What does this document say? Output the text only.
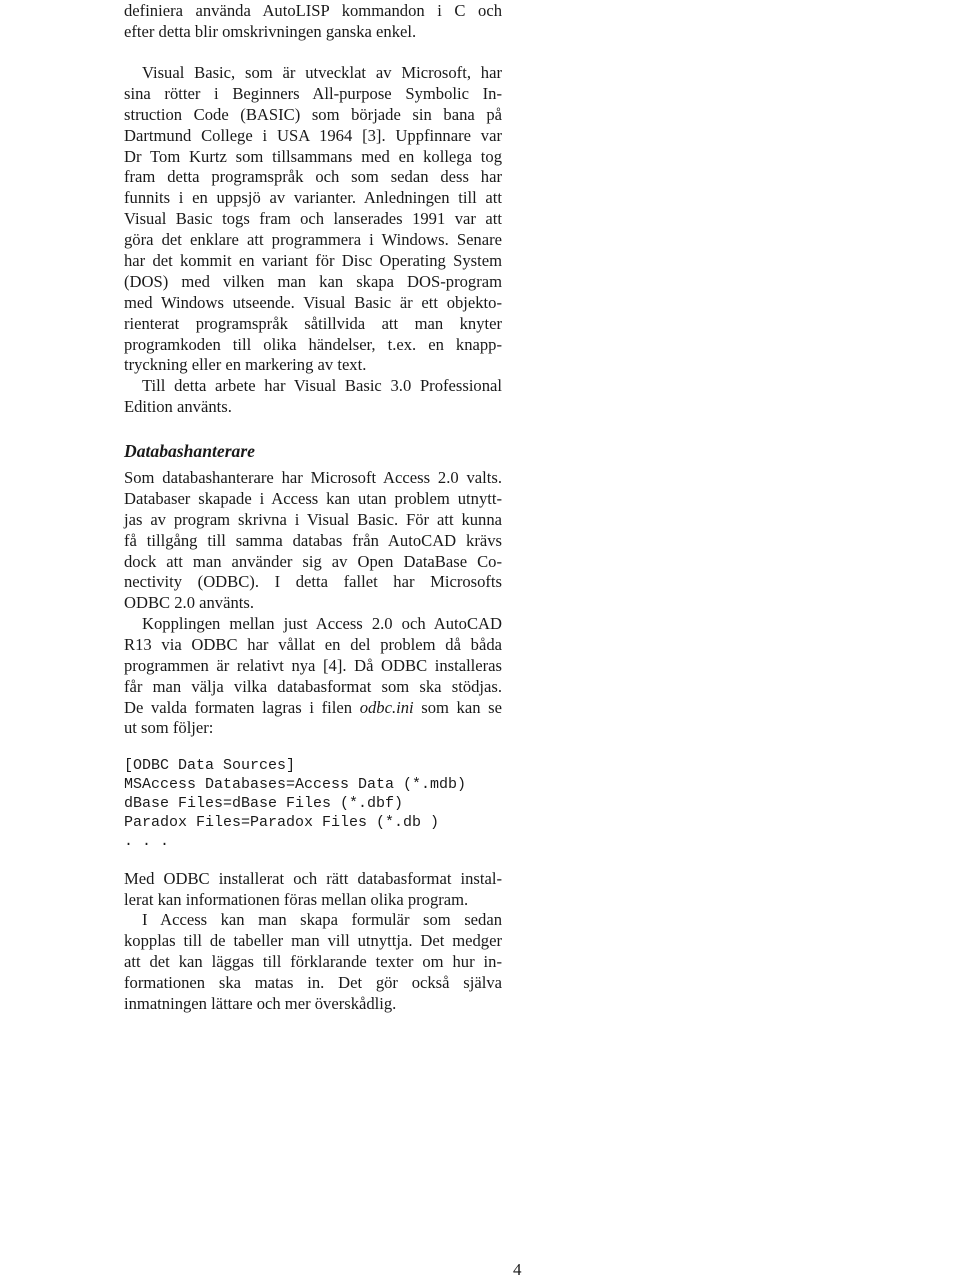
definiera använda AutoLISP kommandon i C och
efter detta blir omskrivningen ganska enkel.
Visual Basic, som är utvecklat av Microsoft, har
sina rötter i Beginners All-purpose Symbolic In-
struction Code (BASIC) som började sin bana på
Dartmund College i USA 1964 [3]. Uppfinnare var
Dr Tom Kurtz som tillsammans med en kollega tog
fram detta programspråk och som sedan dess har
funnits i en uppsjö av varianter. Anledningen till att
Visual Basic togs fram och lanserades 1991 var att
göra det enklare att programmera i Windows. Senare
har det kommit en variant för Disc Operating System
(DOS) med vilken man kan skapa DOS-program
med Windows utseende. Visual Basic är ett objekto-
rienterat programspråk såtillvida att man knyter
programkoden till olika händelser, t.ex. en knapp-
tryckning eller en markering av text.
Till detta arbete har Visual Basic 3.0 Professional
Edition använts.
Databashanterare
Som databashanterare har Microsoft Access 2.0 valts.
Databaser skapade i Access kan utan problem utnytt-
jas av program skrivna i Visual Basic. För att kunna
få tillgång till samma databas från AutoCAD krävs
dock att man använder sig av Open DataBase Co-
nectivity (ODBC). I detta fallet har Microsofts
ODBC 2.0 använts.
Kopplingen mellan just Access 2.0 och AutoCAD
R13 via ODBC har vållat en del problem då båda
programmen är relativt nya [4]. Då ODBC installeras
får man välja vilka databasformat som ska stödjas.
De valda formaten lagras i filen odbc.ini som kan se
ut som följer:
[ODBC Data Sources]
MSAccess Databases=Access Data (*.mdb)
dBase Files=dBase Files (*.dbf)
Paradox Files=Paradox Files (*.db )
. . .
Med ODBC installerat och rätt databasformat instal-
lerat kan informationen föras mellan olika program.
I Access kan man skapa formulär som sedan
kopplas till de tabeller man vill utnyttja. Det medger
att det kan läggas till förklarande texter om hur in-
formationen ska matas in. Det gör också själva
inmatningen lättare och mer överskådlig.
4
